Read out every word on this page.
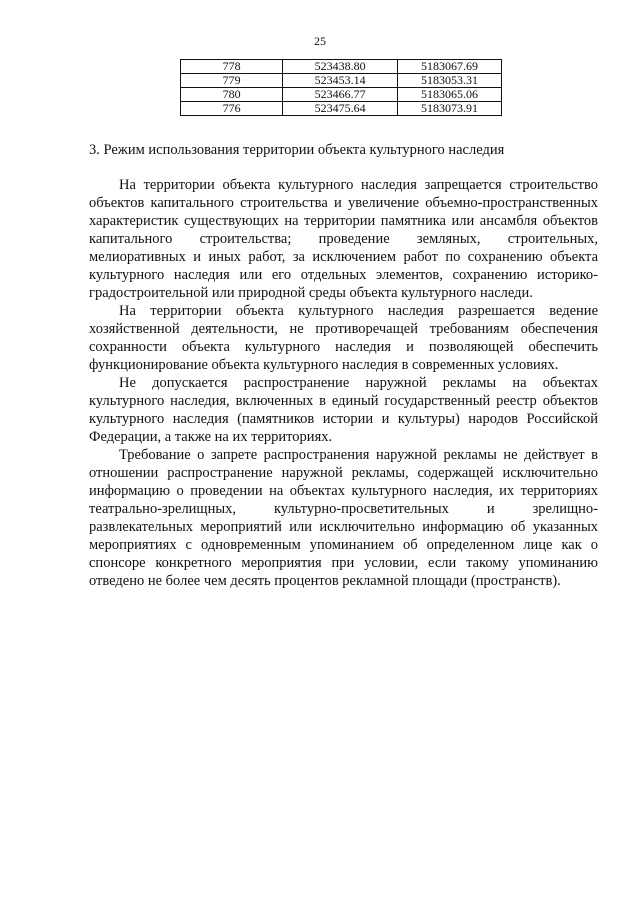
25
778	523438.80	5183067.69
779	523453.14	5183053.31
780	523466.77	5183065.06
776	523475.64	5183073.91
3. Режим использования территории объекта культурного наследия

На территории объекта культурного наследия запрещается строительство объектов капитального строительства и увеличение объемно-пространственных характеристик существующих на территории памятника или ансамбля объектов капитального строительства; проведение земляных, строительных, мелиоративных и иных работ, за исключением работ по сохранению объекта культурного наследия или его отдельных элементов, сохранению историко-градостроительной или природной среды объекта культурного наследи.

На территории объекта культурного наследия разрешается ведение хозяйственной деятельности, не противоречащей требованиям обеспечения сохранности объекта культурного наследия и позволяющей обеспечить функционирование объекта культурного наследия в современных условиях.

Не допускается распространение наружной рекламы на объектах культурного наследия, включенных в единый государственный реестр объектов культурного наследия (памятников истории и культуры) народов Российской Федерации, а также на их территориях.

Требование о запрете распространения наружной рекламы не действует в отношении распространение наружной рекламы, содержащей исключительно информацию о проведении на объектах культурного наследия, их территориях театрально-зрелищных, культурно-просветительных и зрелищно-развлекательных мероприятий или исключительно информацию об указанных мероприятиях с одновременным упоминанием об определенном лице как о спонсоре конкретного мероприятия при условии, если такому упоминанию отведено не более чем десять процентов рекламной площади (пространств).
